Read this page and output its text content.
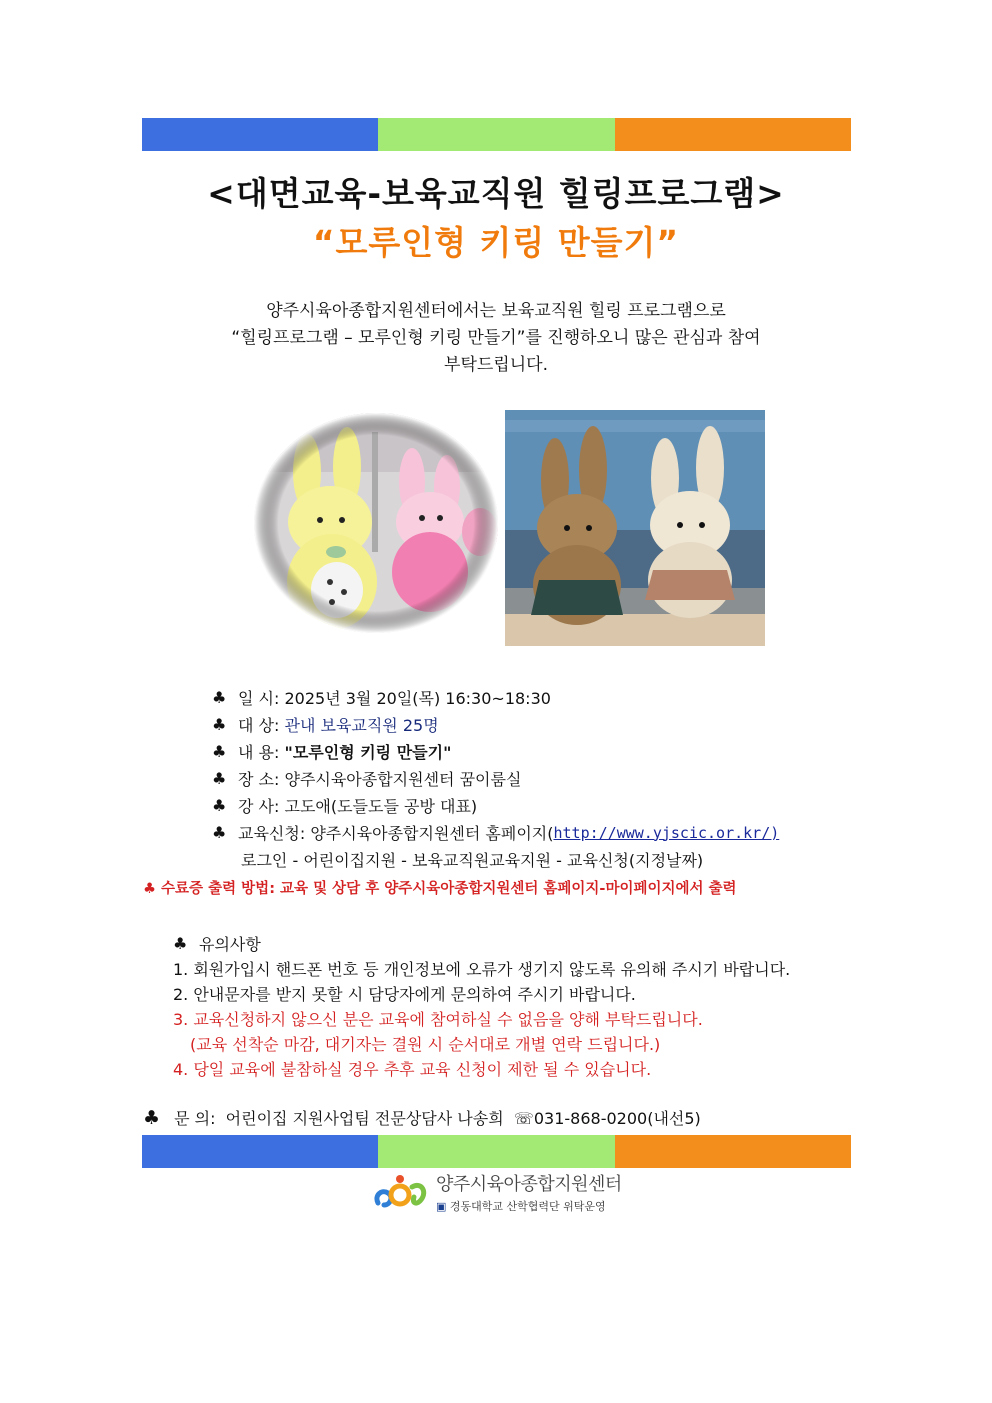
<대면교육-보육교직원 힐링프로그램>
“모루인형 키링 만들기”
양주시육아종합지원센터에서는 보육교직원 힐링 프로그램으로
“힐링프로그램 – 모루인형 키링 만들기”를 진행하오니 많은 관심과 참여
부탁드립니다.
♣ 일 시:
2025년 3월 20일(목) 16:30~18:30
♣ 대 상:
관내 보육교직원 25명
♣ 내 용:
"모루인형 키링 만들기"
♣ 장 소:
양주시육아종합지원센터 꿈이룸실
♣ 강 사:
고도애(도들도들 공방 대표)
♣ 교육신청:
양주시육아종합지원센터 홈페이지( http://www.yjscic.or.kr/)
로그인 - 어린이집지원 - 보육교직원교육지원 - 교육신청(지정날짜)
♣ 수료증 출력 방법: 교육 및 상담 후 양주시육아종합지원센터 홈페이지-마이페이지에서 출력
♣ 유의사항
1. 회원가입시 핸드폰 번호 등 개인정보에 오류가 생기지 않도록 유의해 주시기 바랍니다.
2. 안내문자를 받지 못할 시 담당자에게 문의하여 주시기 바랍니다.
3. 교육신청하지 않으신 분은 교육에 참여하실 수 없음을 양해 부탁드립니다.
(교육 선착순 마감, 대기자는 결원 시 순서대로 개별 연락 드립니다.)
4. 당일 교육에 불참하실 경우 추후 교육 신청이 제한 될 수 있습니다.
♣ 문 의: 어린이집 지원사업팀 전문상담사 나송희 ☏031-868-0200(내선5)
양주시육아종합지원센터
▣ 경동대학교 산학협력단 위탁운영
